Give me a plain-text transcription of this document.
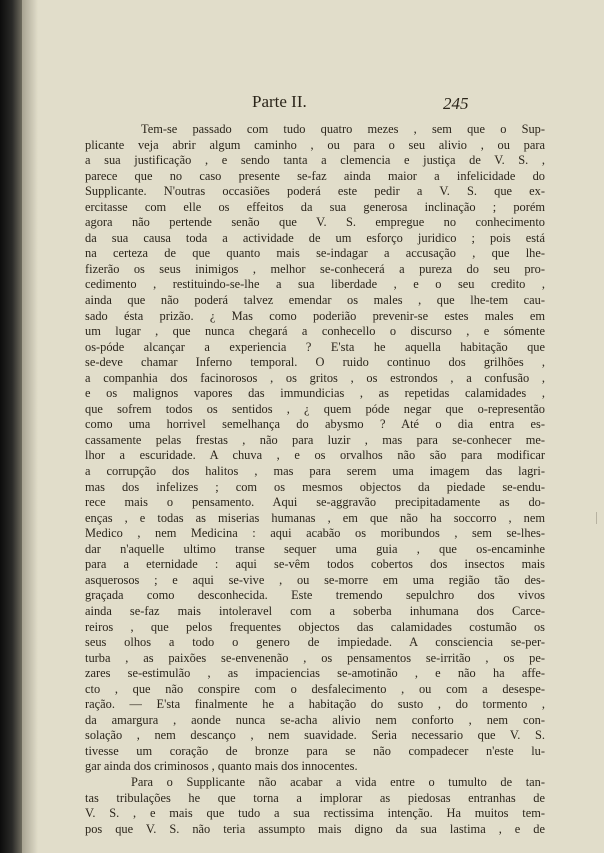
Parte II.	245
Tem-se passado com tudo quatro mezes , sem que o Sup-
plicante veja abrir algum caminho , ou para o seu alivio , ou para
a sua justificação , e sendo tanta a clemencia e justiça de V. S. ,
parece que no caso presente se-faz ainda maior a infelicidade do
Supplicante. N'outras occasiões poderá este pedir a V. S. que ex-
ercitasse com elle os effeitos da sua generosa inclinação ; porém
agora não pertende senão que V. S. empregue no conhecimento
da sua causa toda a actividade de um esforço juridico ; pois está
na certeza de que quanto mais se-indagar a accusação , que lhe-
fizerão os seus inimigos , melhor se-conhecerá a pureza do seu pro-
cedimento , restituindo-se-lhe a sua liberdade , e o seu credito ,
ainda que não poderá talvez emendar os males , que lhe-tem cau-
sado ésta prizão. ¿ Mas como poderião prevenir-se estes males em
um lugar , que nunca chegará a conhecello o discurso , e sómente
os-póde alcançar a experiencia ? E'sta he aquella habitação que
se-deve chamar Inferno temporal. O ruido continuo dos grilhões ,
a companhia dos facinorosos , os gritos , os estrondos , a confusão ,
e os malignos vapores das immundicias , as repetidas calamidades ,
que sofrem todos os sentidos , ¿ quem póde negar que o-representão
como uma horrivel semelhança do abysmo ? Até o dia entra es-
cassamente pelas frestas , não para luzir , mas para se-conhecer me-
lhor a escuridade. A chuva , e os orvalhos não são para modificar
a corrupção dos halitos , mas para serem uma imagem das lagri-
mas dos infelizes ; com os mesmos objectos da piedade se-endu-
rece mais o pensamento. Aqui se-aggravão precipitadamente as do-
enças , e todas as miserias humanas , em que não ha soccorro , nem
Medico , nem Medicina : aqui acabão os moribundos , sem se-lhes-
dar n'aquelle ultimo transe sequer uma guia , que os-encaminhe
para a eternidade : aqui se-vêm todos cobertos dos insectos mais
asquerosos ; e aqui se-vive , ou se-morre em uma região tão des-
graçada como desconhecida. Este tremendo sepulchro dos vivos
ainda se-faz mais intoleravel com a soberba inhumana dos Carce-
reiros , que pelos frequentes objectos das calamidades costumão os
seus olhos a todo o genero de impiedade. A consciencia se-per-
turba , as paixões se-envenenão , os pensamentos se-irritão , os pe-
zares se-estimulão , as impaciencias se-amotinão , e não ha affe-
cto , que não conspire com o desfalecimento , ou com a desespe-
ração. — E'sta finalmente he a habitação do susto , do tormento ,
da amargura , aonde nunca se-acha alivio nem conforto , nem con-
solação , nem descanço , nem suavidade. Seria necessario que V. S.
tivesse um coração de bronze para se não compadecer n'este lu-
gar ainda dos criminosos , quanto mais dos innocentes.
Para o Supplicante não acabar a vida entre o tumulto de tan-
tas tribulações he que torna a implorar as piedosas entranhas de
V. S. , e mais que tudo a sua rectissima intenção. Ha muitos tem-
pos que V. S. não teria assumpto mais digno da sua lastima , e de
